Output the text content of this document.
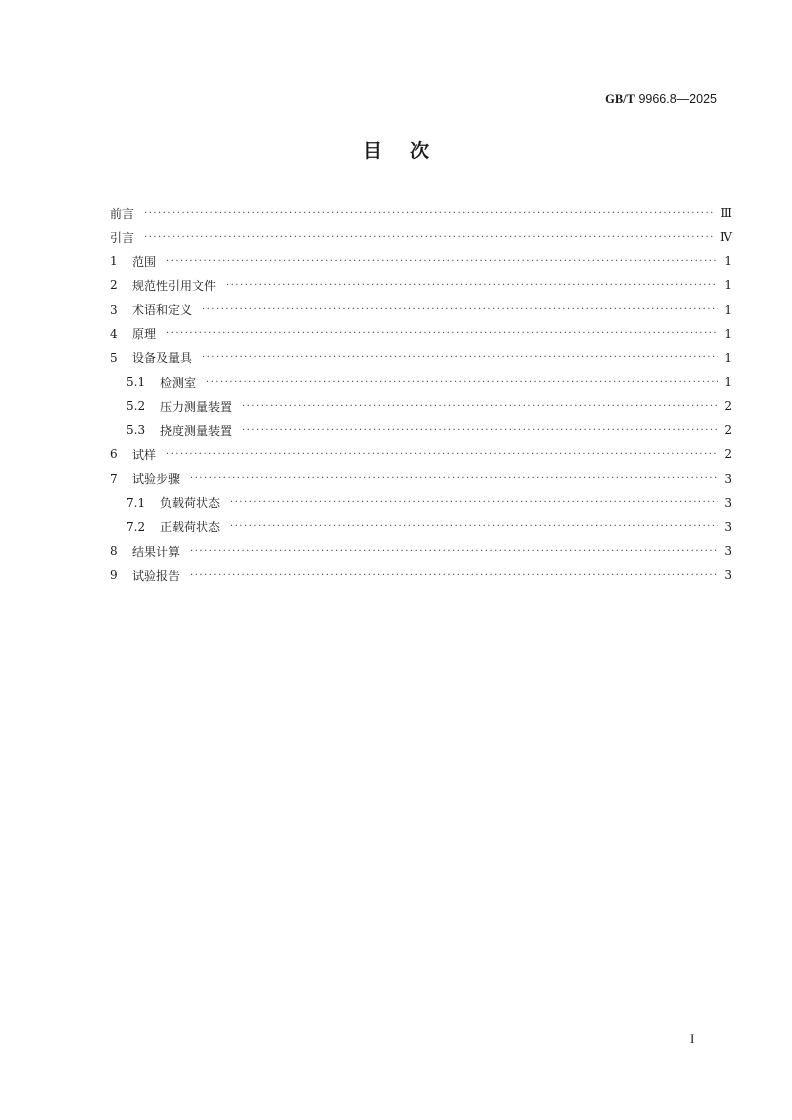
GB/T 9966.8—2025
目次
前言 ·····	Ⅲ
引言 ·····	Ⅳ
1	范围 ·····	1
2	规范性引用文件 ·····	1
3	术语和定义 ·····	1
4	原理 ·····	1
5	设备及量具 ·····	1
5.1	检测室 ·····	1
5.2	压力测量装置 ·····	2
5.3	挠度测量装置 ·····	2
6	试样 ·····	2
7	试验步骤 ·····	3
7.1	负载荷状态 ·····	3
7.2	正载荷状态 ·····	3
8	结果计算 ·····	3
9	试验报告 ·····	3
I
